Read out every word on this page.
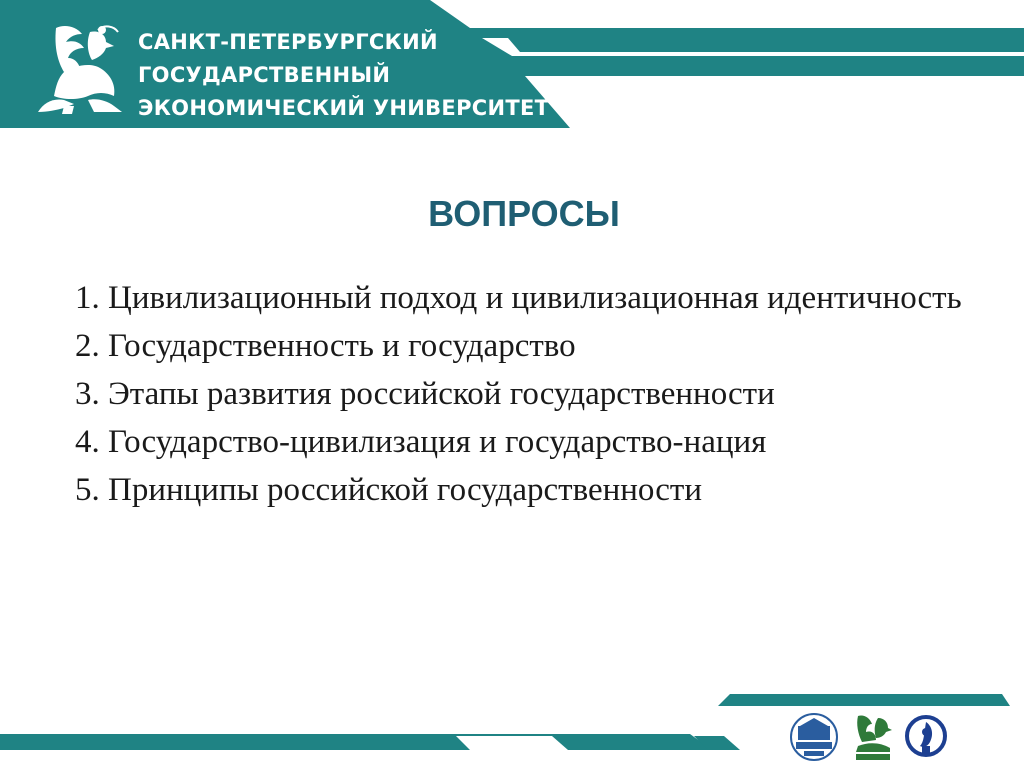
САНКТ-ПЕТЕРБУРГСКИЙ
ГОСУДАРСТВЕННЫЙ
ЭКОНОМИЧЕСКИЙ УНИВЕРСИТЕТ
ВОПРОСЫ
1. Цивилизационный подход и цивилизационная идентичность
2. Государственность и государство
3. Этапы развития российской государственности
4. Государство-цивилизация и государство-нация
5. Принципы российской государственности
